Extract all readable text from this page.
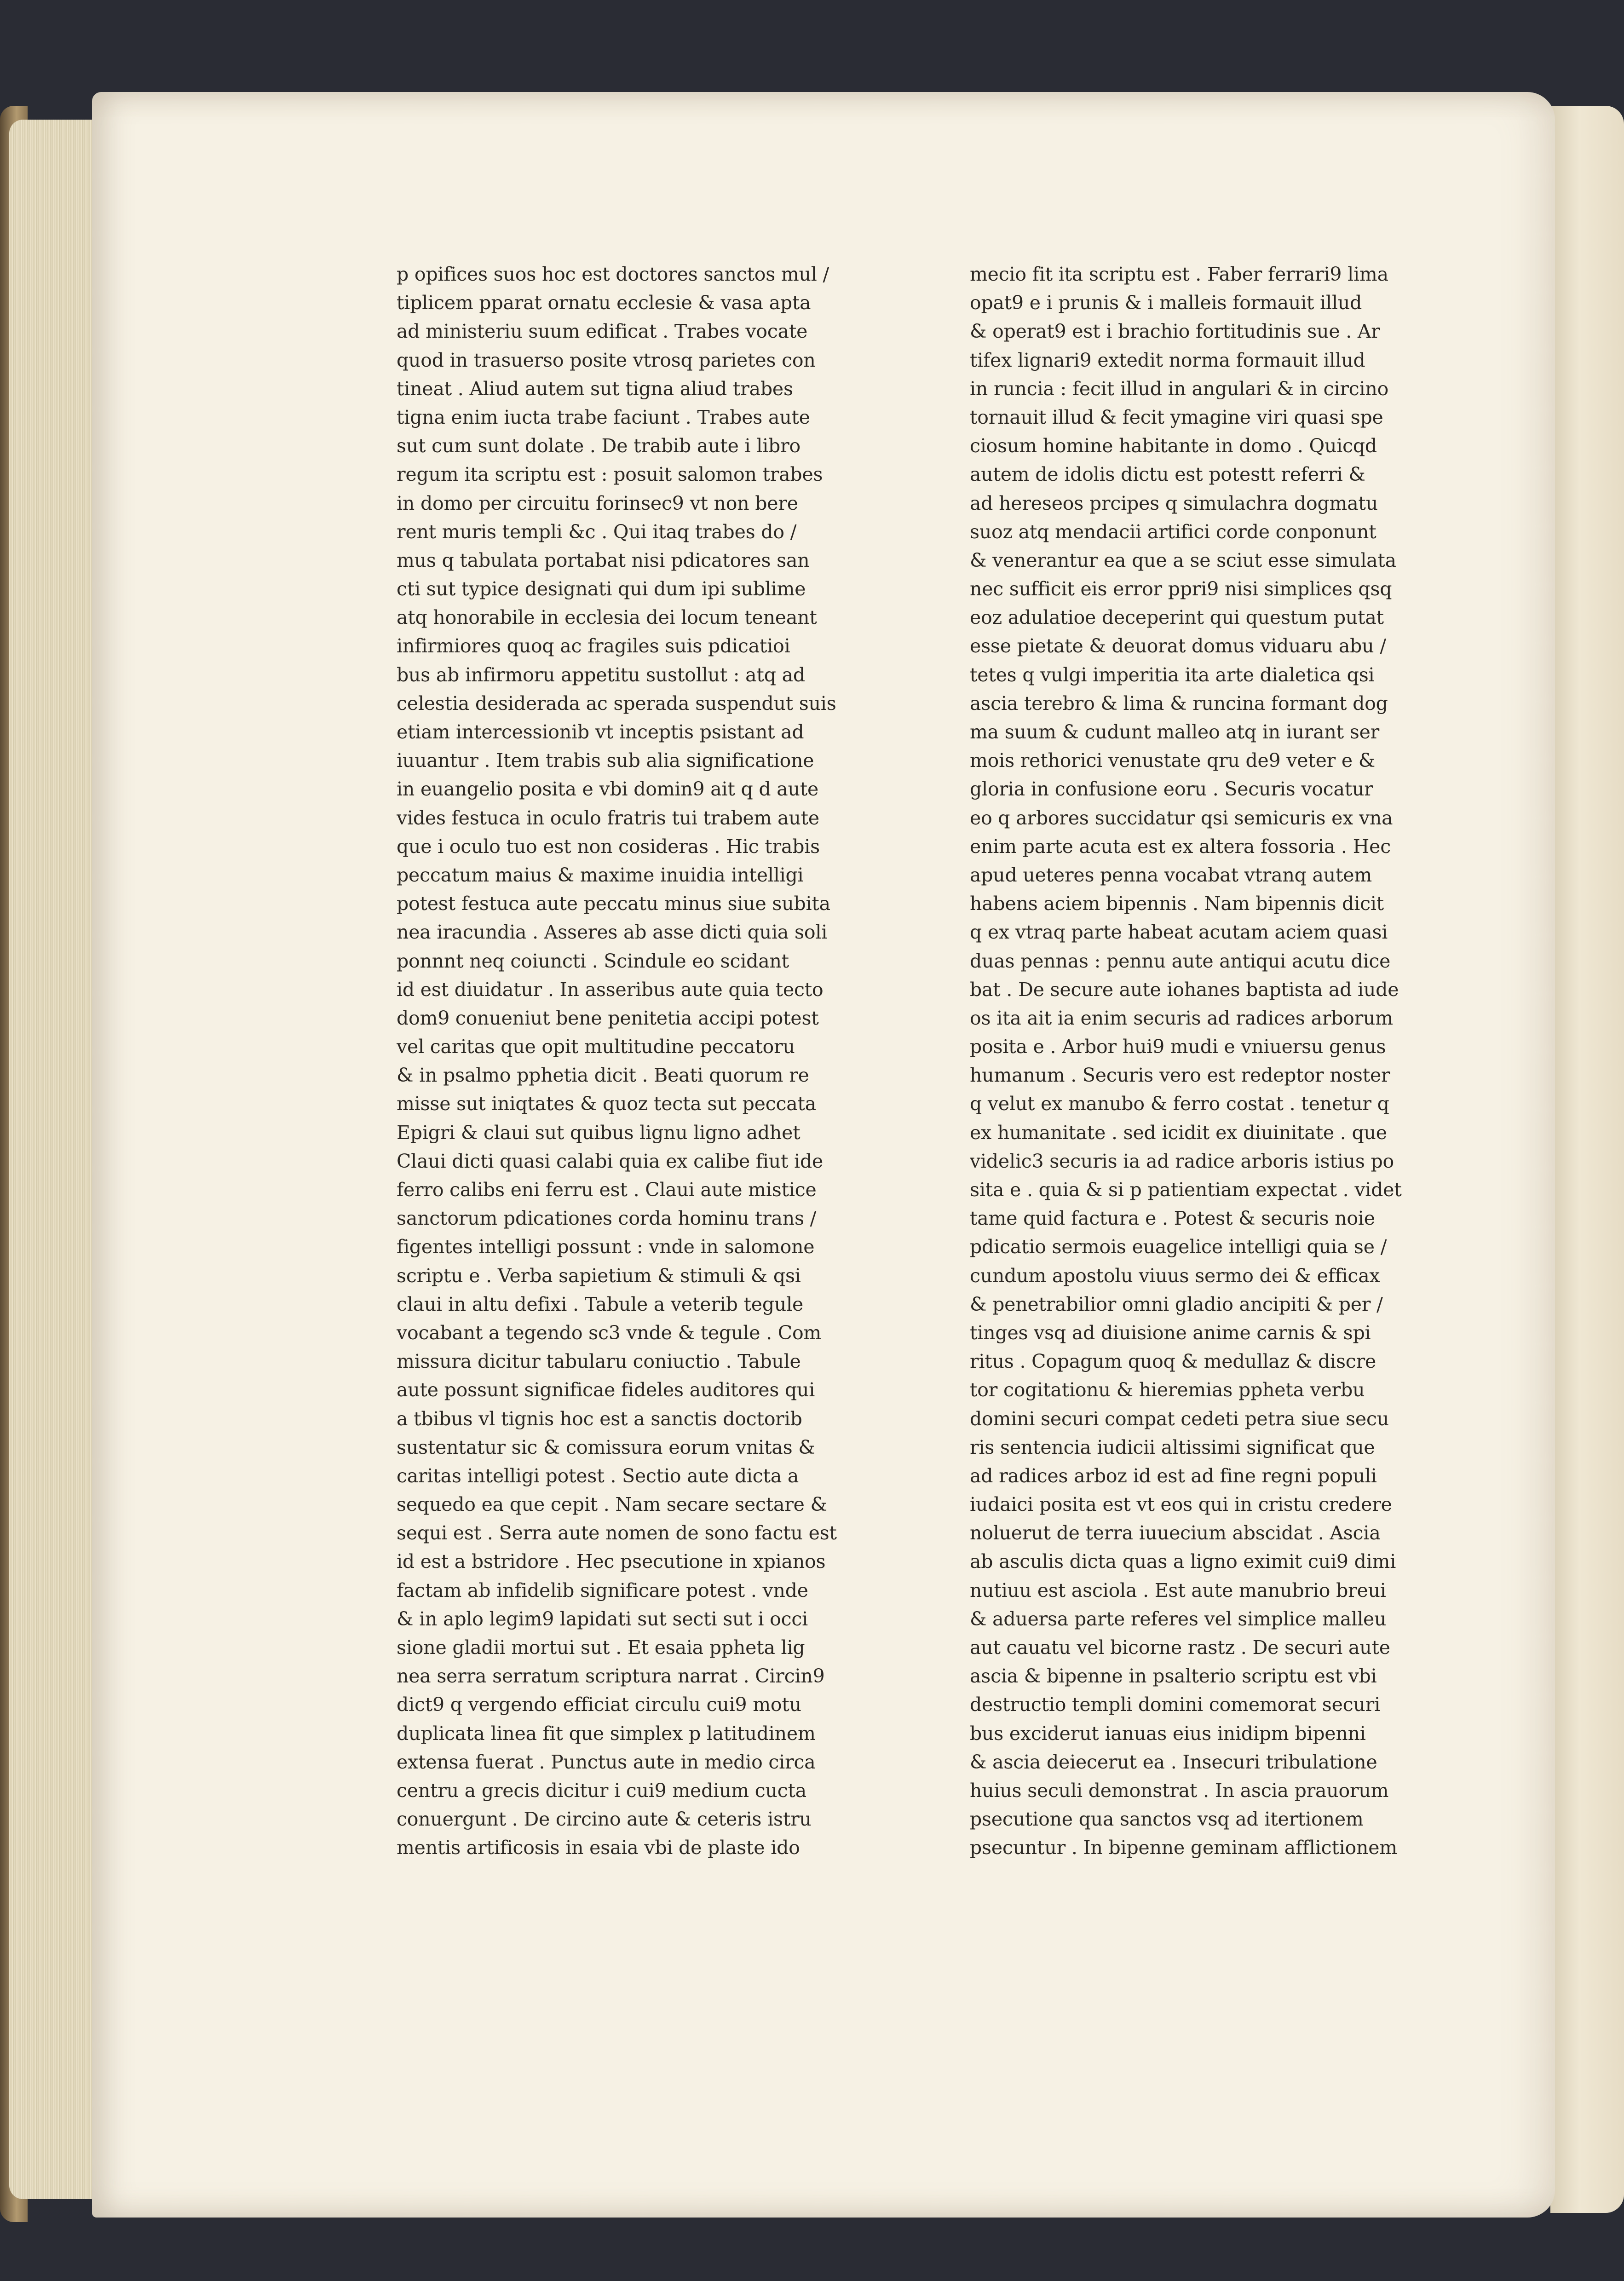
p opifices suos hoc est doctores sanctos mul /
tiplicem pparat ornatu ecclesie & vasa apta
ad ministeriu suum edificat . Trabes vocate
quod in trasuerso posite vtrosq parietes con
tineat . Aliud autem sut tigna aliud trabes
tigna enim iucta trabe faciunt . Trabes aute
sut cum sunt dolate . De trabib aute i libro
regum ita scriptu est : posuit salomon trabes
in domo per circuitu forinsec9 vt non bere
rent muris templi &c . Qui itaq trabes do /
mus q tabulata portabat nisi pdicatores san
cti sut typice designati qui dum ipi sublime
atq honorabile in ecclesia dei locum teneant
infirmiores quoq ac fragiles suis pdicatioi
bus ab infirmoru appetitu sustollut : atq ad
celestia desiderada ac sperada suspendut suis
etiam intercessionib vt inceptis psistant ad
iuuantur . Item trabis sub alia significatione
in euangelio posita e vbi domin9 ait q d aute
vides festuca in oculo fratris tui trabem aute
que i oculo tuo est non cosideras . Hic trabis
peccatum maius & maxime inuidia intelligi
potest festuca aute peccatu minus siue subita
nea iracundia . Asseres ab asse dicti quia soli
ponnnt neq coiuncti . Scindule eo scidant
id est diuidatur . In asseribus aute quia tecto
dom9 conueniut bene penitetia accipi potest
vel caritas que opit multitudine peccatoru
& in psalmo pphetia dicit . Beati quorum re
misse sut iniqtates & quoz tecta sut peccata
Epigri & claui sut quibus lignu ligno adhet
Claui dicti quasi calabi quia ex calibe fiut ide
ferro calibs eni ferru est . Claui aute mistice
sanctorum pdicationes corda hominu trans /
figentes intelligi possunt : vnde in salomone
scriptu e . Verba sapietium & stimuli & qsi
claui in altu defixi . Tabule a veterib tegule
vocabant a tegendo sc3 vnde & tegule . Com
missura dicitur tabularu coniuctio . Tabule
aute possunt significae fideles auditores qui
a tbibus vl tignis hoc est a sanctis doctorib
sustentatur sic & comissura eorum vnitas &
caritas intelligi potest . Sectio aute dicta a
sequedo ea que cepit . Nam secare sectare &
sequi est . Serra aute nomen de sono factu est
id est a bstridore . Hec psecutione in xpianos
factam ab infidelib significare potest . vnde
& in aplo legim9 lapidati sut secti sut i occi
sione gladii mortui sut . Et esaia ppheta lig
nea serra serratum scriptura narrat . Circin9
dict9 q vergendo efficiat circulu cui9 motu
duplicata linea fit que simplex p latitudinem
extensa fuerat . Punctus aute in medio circa
centru a grecis dicitur i cui9 medium cucta
conuergunt . De circino aute & ceteris istru
mentis artificosis in esaia vbi de plaste ido
mecio fit ita scriptu est . Faber ferrari9 lima
opat9 e i prunis & i malleis formauit illud
& operat9 est i brachio fortitudinis sue . Ar
tifex lignari9 extedit norma formauit illud
in runcia : fecit illud in angulari & in circino
tornauit illud & fecit ymagine viri quasi spe
ciosum homine habitante in domo . Quicqd
autem de idolis dictu est potestt referri &
ad hereseos prcipes q simulachra dogmatu
suoz atq mendacii artifici corde conponunt
& venerantur ea que a se sciut esse simulata
nec sufficit eis error ppri9 nisi simplices qsq
eoz adulatioe deceperint qui questum putat
esse pietate & deuorat domus viduaru abu /
tetes q vulgi imperitia ita arte dialetica qsi
ascia terebro & lima & runcina formant dog
ma suum & cudunt malleo atq in iurant ser
mois rethorici venustate qru de9 veter e &
gloria in confusione eoru . Securis vocatur
eo q arbores succidatur qsi semicuris ex vna
enim parte acuta est ex altera fossoria . Hec
apud ueteres penna vocabat vtranq autem
habens aciem bipennis . Nam bipennis dicit
q ex vtraq parte habeat acutam aciem quasi
duas pennas : pennu aute antiqui acutu dice
bat . De secure aute iohanes baptista ad iude
os ita ait ia enim securis ad radices arborum
posita e . Arbor hui9 mudi e vniuersu genus
humanum . Securis vero est redeptor noster
q velut ex manubo & ferro costat . tenetur q
ex humanitate . sed icidit ex diuinitate . que
videlic3 securis ia ad radice arboris istius po
sita e . quia & si p patientiam expectat . videt
tame quid factura e . Potest & securis noie
pdicatio sermois euagelice intelligi quia se /
cundum apostolu viuus sermo dei & efficax
& penetrabilior omni gladio ancipiti & per /
tinges vsq ad diuisione anime carnis & spi
ritus . Copagum quoq & medullaz & discre
tor cogitationu & hieremias ppheta verbu
domini securi compat cedeti petra siue secu
ris sentencia iudicii altissimi significat que
ad radices arboz id est ad fine regni populi
iudaici posita est vt eos qui in cristu credere
noluerut de terra iuuecium abscidat . Ascia
ab asculis dicta quas a ligno eximit cui9 dimi
nutiuu est asciola . Est aute manubrio breui
& aduersa parte referes vel simplice malleu
aut cauatu vel bicorne rastz . De securi aute
ascia & bipenne in psalterio scriptu est vbi
destructio templi domini comemorat securi
bus exciderut ianuas eius inidipm bipenni
& ascia deiecerut ea . Insecuri tribulatione
huius seculi demonstrat . In ascia prauorum
psecutione qua sanctos vsq ad itertionem
psecuntur . In bipenne geminam afflictionem
